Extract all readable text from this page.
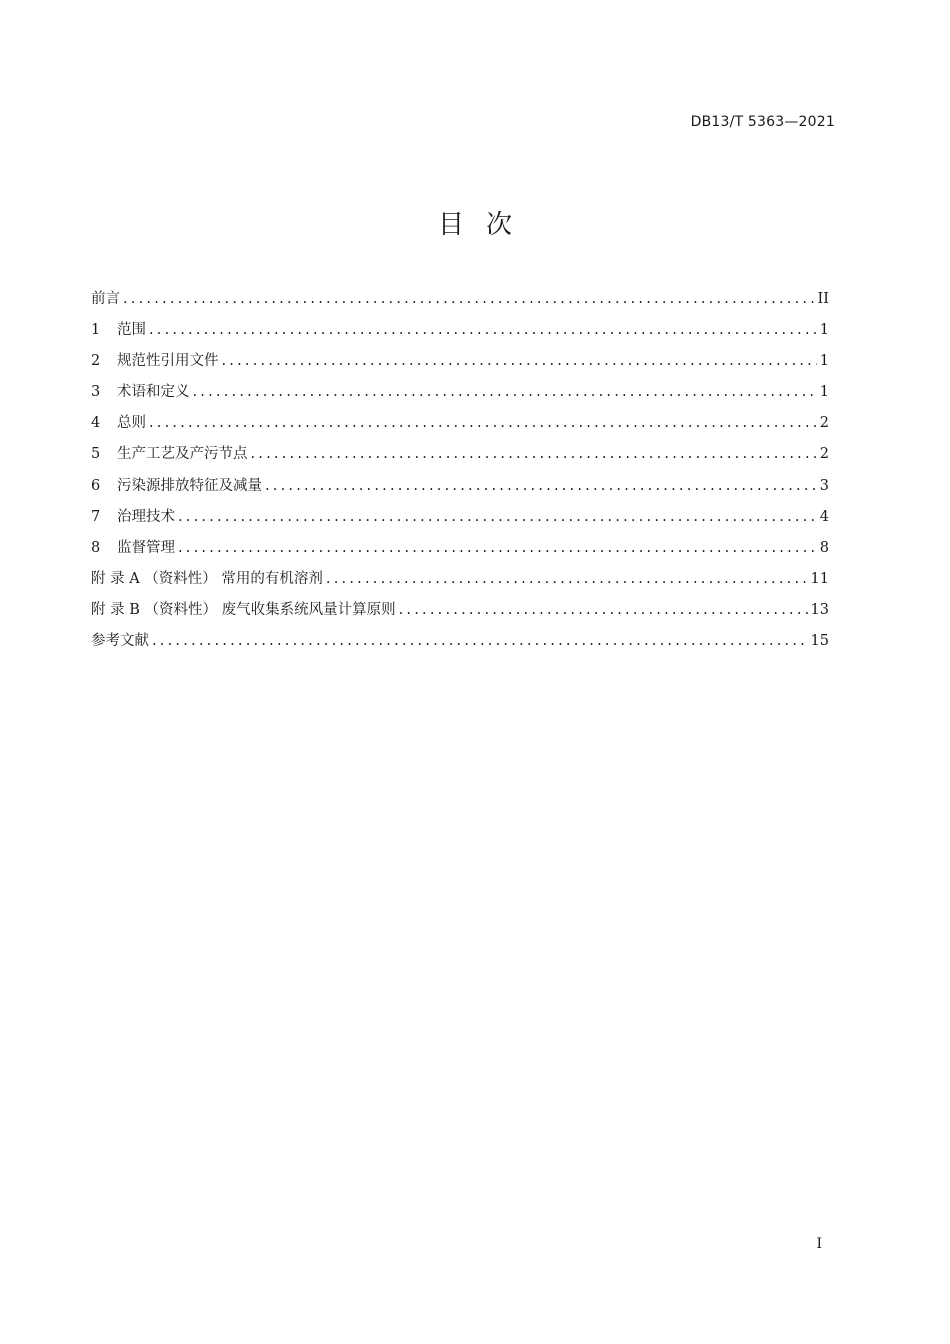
DB13/T 5363—2021
目次
前言 .....	II
1	范围 .....	1
2	规范性引用文件 .....	1
3	术语和定义 .....	1
4	总则 .....	2
5	生产工艺及产污节点 .....	2
6	污染源排放特征及减量 .....	3
7	治理技术 .....	4
8	监督管理 .....	8
附 录 A （资料性） 常用的有机溶剂 .....	11
附 录 B （资料性） 废气收集系统风量计算原则 .....	13
参考文献 .....	15
I
